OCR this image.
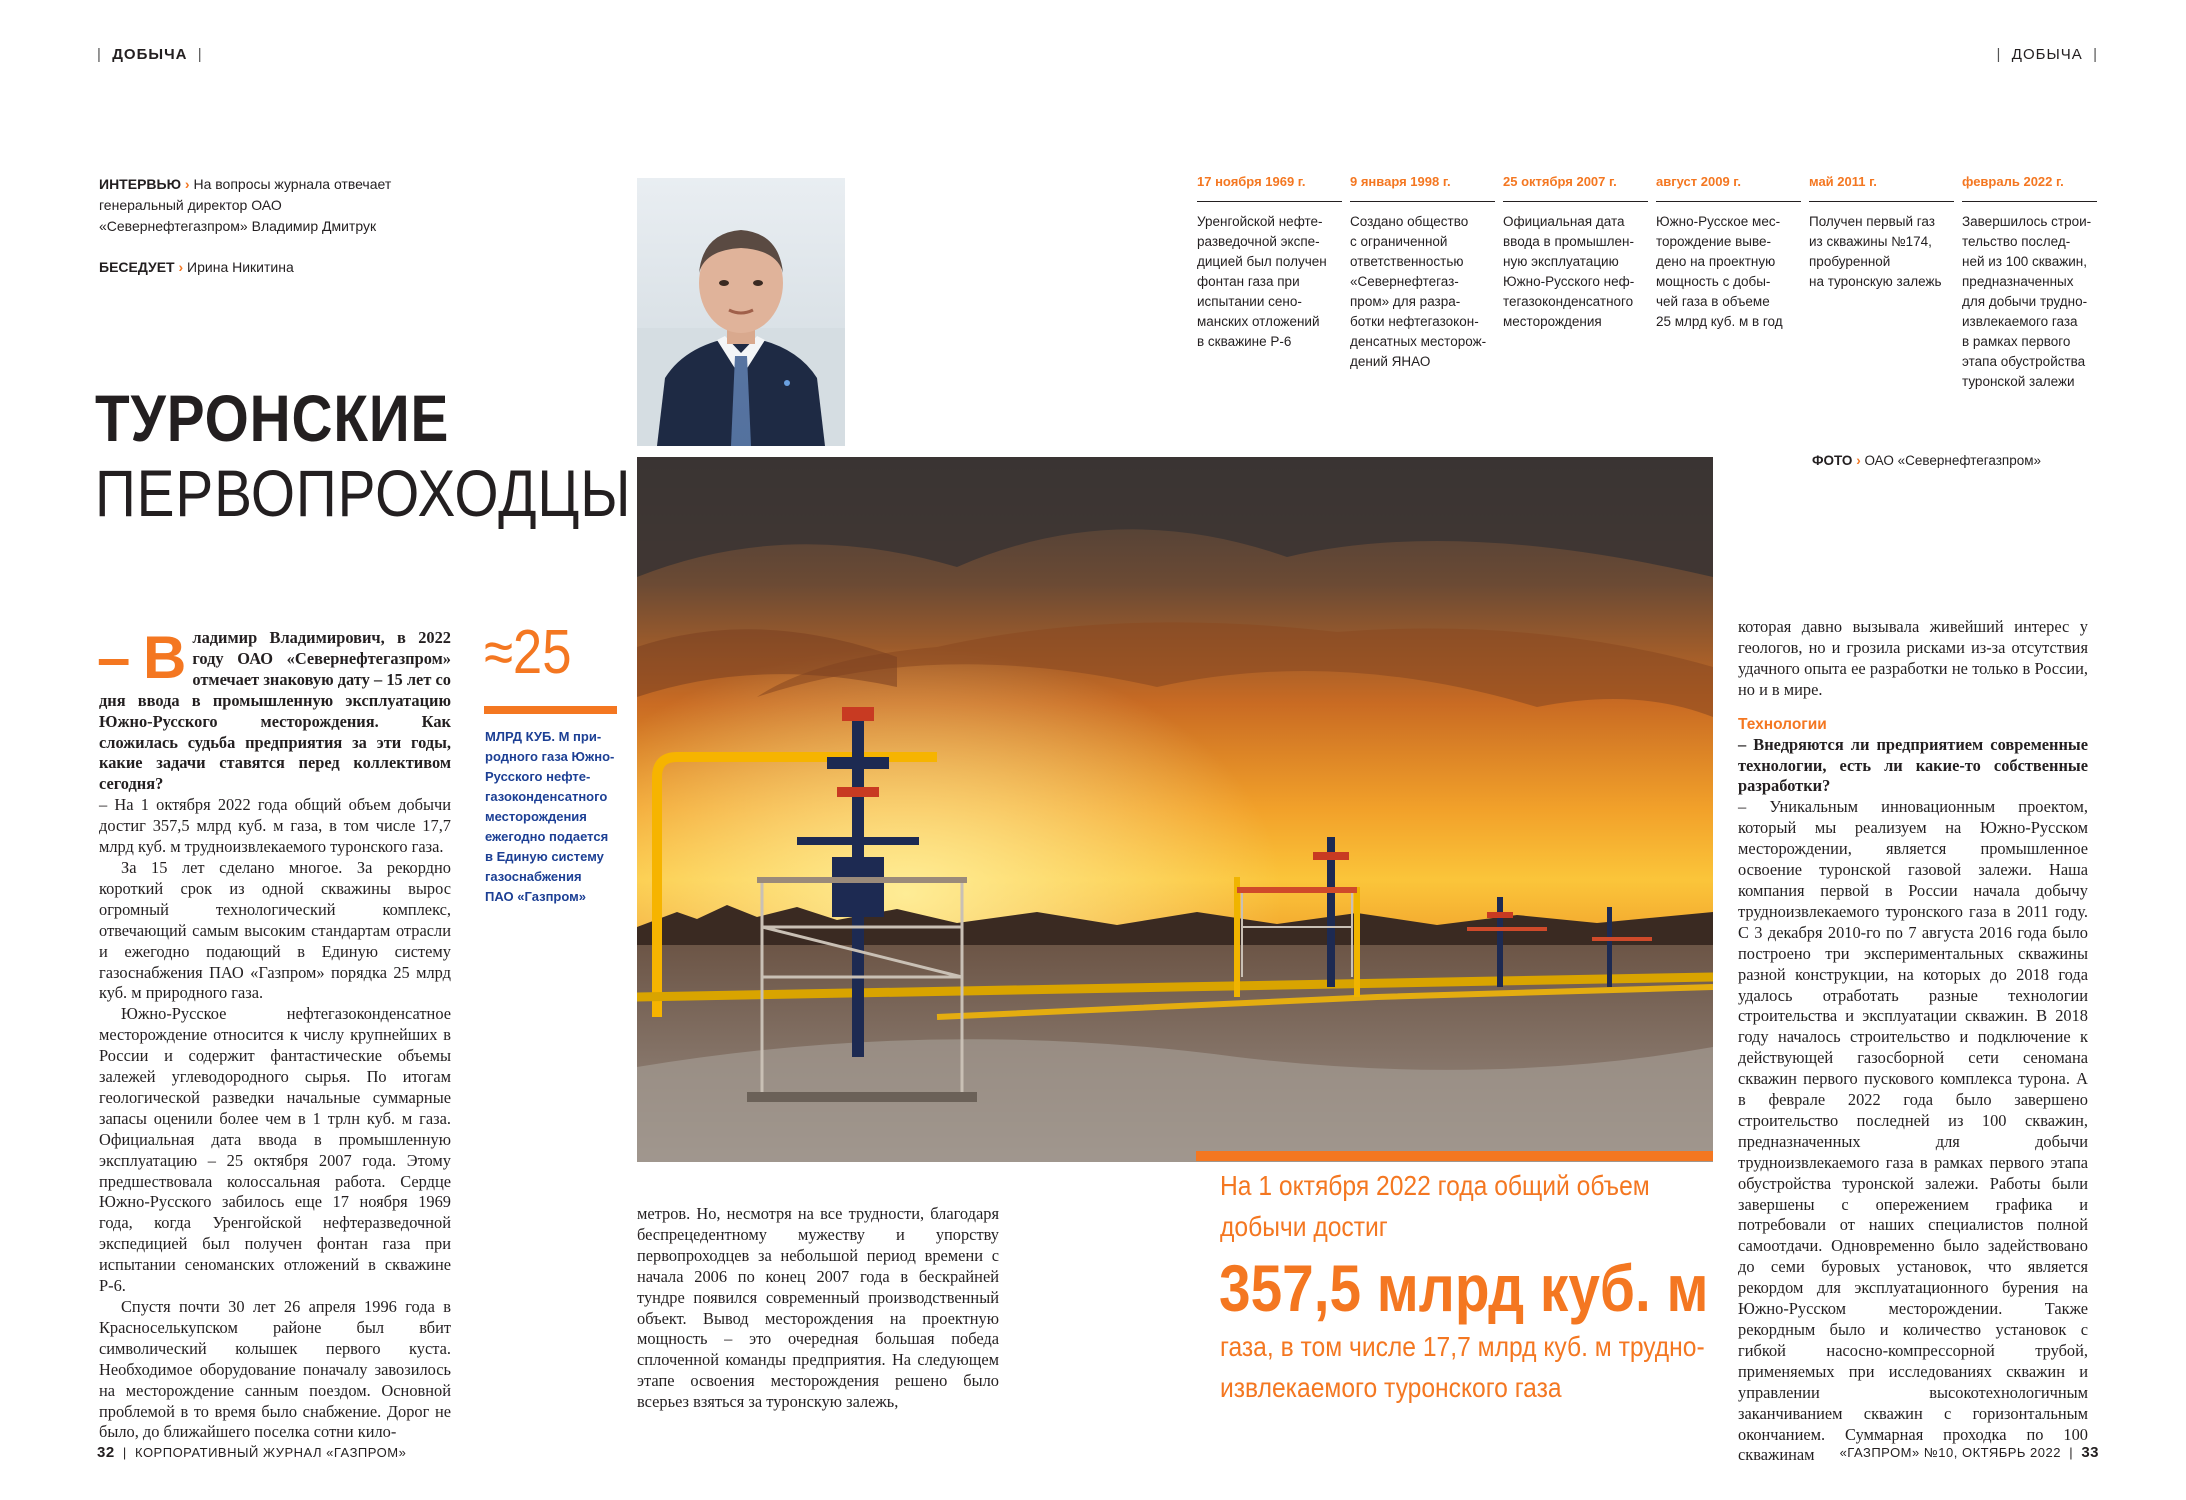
| ДОБЫЧА |	| ДОБЫЧА |

ИНТЕРВЬЮ › На вопросы журнала отвечает генеральный директор ОАО «Севернефтегазпром» Владимир Дмитрук

БЕСЕДУЕТ › Ирина Никитина

ТУРОНСКИЕ
ПЕРВОПРОХОДЦЫ
17 ноября 1969 г.
Уренгойской нефте-
разведочной экспе-
дицией был получен
фонтан газа при
испытании сено-
манских отложений
в скважине Р-6
9 января 1998 г.
Создано общество
с ограниченной
ответственностью
«Севернефтегаз-
пром» для разра-
ботки нефтегазокон-
денсатных месторож-
дений ЯНАО
25 октября 2007 г.
Официальная дата
ввода в промышлен-
ную эксплуатацию
Южно-Русского неф-
тегазоконденсатного
месторождения
август 2009 г.
Южно-Русское мес-
торождение выве-
дено на проектную
мощность с добы-
чей газа в объеме
25 млрд куб. м в год
май 2011 г.
Получен первый газ
из скважины №174,
пробуренной
на туронскую залежь
февраль 2022 г.
Завершилось строи-
тельство послед-
ней из 100 скважин,
предназначенных
для добычи трудно-
извлекаемого газа
в рамках первого
этапа обустройства
туронской залежи
ФОТО › ОАО «Севернефтегазпром»

– В ладимир Владимирович, в 2022 году ОАО «Севернефтегазпром» отмечает знаковую дату – 15 лет со дня ввода в промышленную эксплуатацию Южно-Русского месторождения. Как сложилась судьба предприятия за эти годы, какие задачи ставятся перед коллективом сегодня?

– На 1 октября 2022 года общий объем добычи достиг 357,5 млрд куб. м газа, в том числе 17,7 млрд куб. м трудноизвлекаемого туронского газа.

За 15 лет сделано многое. За рекордно короткий срок из одной скважины вырос огромный технологический комплекс, отвечающий самым высоким стандартам отрасли и ежегодно подающий в Единую систему газоснабжения ПАО «Газпром» порядка 25 млрд куб. м природного газа.

Южно-Русское нефтегазоконденсатное месторождение относится к числу крупнейших в России и содержит фантастические объемы залежей углеводородного сырья. По итогам геологической разведки начальные суммарные запасы оценили более чем в 1 трлн куб. м газа. Официальная дата ввода в промышленную эксплуатацию – 25 октября 2007 года. Этому предшествовала колоссальная работа. Сердце Южно-Русского забилось еще 17 ноября 1969 года, когда Уренгойской нефтеразведочной экспедицией был получен фонтан газа при испытании сеноманских отложений в скважине Р-6.

Спустя почти 30 лет 26 апреля 1996 года в Красноселькупском районе был вбит символический колышек первого куста. Необходимое оборудование поначалу завозилось на месторождение санным поездом. Основной проблемой в то время было снабжение. Дорог не было, до ближайшего поселка сотни кило-

≈25
МЛРД КУБ. М при-
родного газа Южно-
Русского нефте-
газоконденсатного
месторождения
ежегодно подается
в Единую систему
газоснабжения
ПАО «Газпром»

метров. Но, несмотря на все трудности, благодаря беспрецедентному мужеству и упорству первопроходцев за небольшой период времени с начала 2006 по конец 2007 года в бескрайней тундре появился современный производственный объект. Вывод месторождения на проектную мощность – это очередная большая победа сплоченной команды предприятия. На следующем этапе освоения месторождения решено было всерьез взяться за туронскую залежь,

На 1 октября 2022 года общий объем
добычи достиг
357,5 млрд куб. м
газа, в том числе 17,7 млрд куб. м трудно-
извлекаемого туронского газа

которая давно вызывала живейший интерес у геологов, но и грозила рисками из-за отсутствия удачного опыта ее разработки не только в России, но и в мире.

Технологии

– Внедряются ли предприятием современные технологии, есть ли какие-то собственные разработки?

– Уникальным инновационным проектом, который мы реализуем на Южно-Русском месторождении, является промышленное освоение туронской газовой залежи. Наша компания первой в России начала добычу трудноизвлекаемого туронского газа в 2011 году. С 3 декабря 2010-го по 7 августа 2016 года было построено три экспериментальных скважины разной конструкции, на которых до 2018 года удалось отработать разные технологии строительства и эксплуатации скважин. В 2018 году началось строительство и подключение к действующей газосборной сети сеномана скважин первого пускового комплекса турона. А в феврале 2022 года было завершено строительство последней из 100 скважин, предназначенных для добычи трудноизвлекаемого газа в рамках первого этапа обустройства туронской залежи. Работы были завершены с опережением графика и потребовали от наших специалистов полной самоотдачи. Одновременно было задействовано до семи буровых установок, что является рекордом для эксплуатационного бурения на Южно-Русском месторождении. Также рекордным было и количество установок с гибкой насосно-компрессорной трубой, применяемых при исследованиях скважин и управлении высокотехнологичным заканчиванием скважин с горизонтальным окончанием. Суммарная проходка по 100 скважинам

32  |  КОРПОРАТИВНЫЙ ЖУРНАЛ «ГАЗПРОМ»	«ГАЗПРОМ» №10, ОКТЯБРЬ 2022  |  33
